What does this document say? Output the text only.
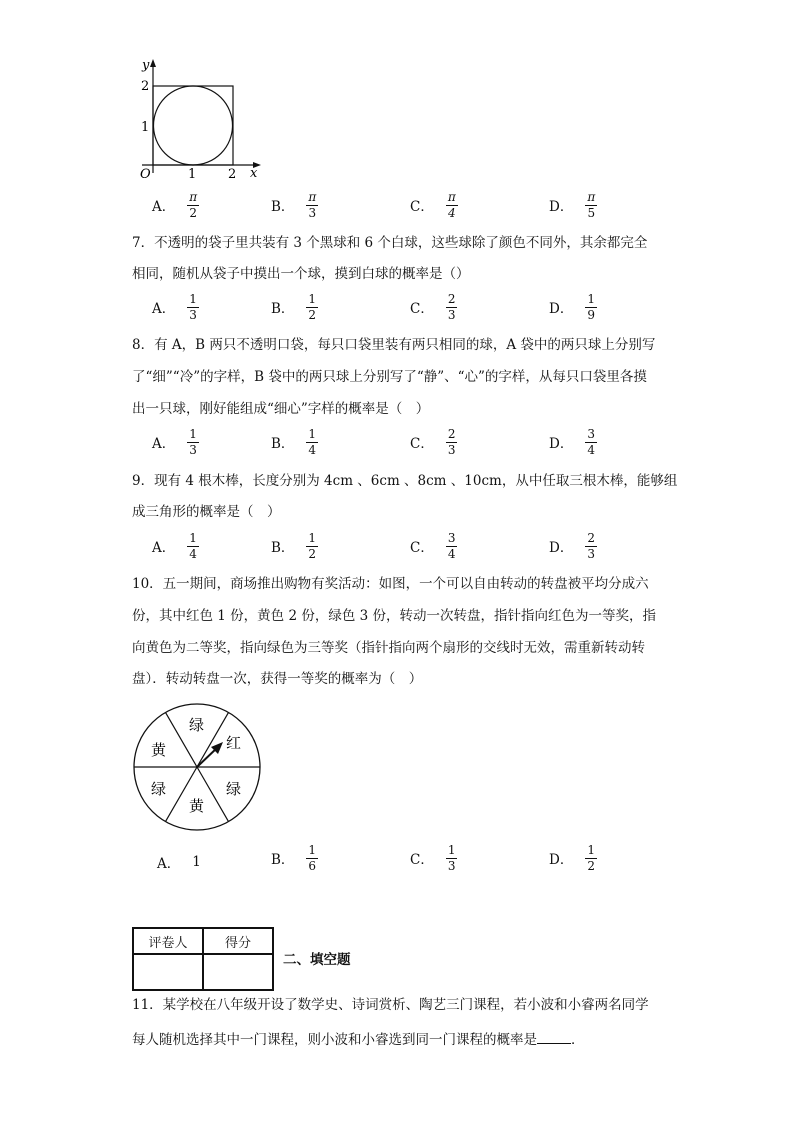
y
x
O
2
1
1 2
A． $\frac{\pi}{2}$	B． $\frac{\pi}{3}$	C． $\frac{\pi}{4}$	D． $\frac{\pi}{5}$
7．不透明的袋子里共装有 3 个黑球和 6 个白球，这些球除了颜色不同外，其余都完全
相同，随机从袋子中摸出一个球，摸到白球的概率是（）
A． $\frac{1}{3}$	B． $\frac{1}{2}$	C． $\frac{2}{3}$	D． $\frac{1}{9}$
8．有 A，B 两只不透明口袋，每只口袋里装有两只相同的球，A 袋中的两只球上分别写
了“细”“冷”的字样，B 袋中的两只球上分别写了“静”、“心”的字样，从每只口袋里各摸
出一只球，刚好能组成“细心”字样的概率是（　）
A． $\frac{1}{3}$	B． $\frac{1}{4}$	C． $\frac{2}{3}$	D． $\frac{3}{4}$
9．现有 4 根木棒，长度分别为 4cm 、6cm 、8cm 、10cm，从中任取三根木棒，能够组
成三角形的概率是（　）
A． $\frac{1}{4}$	B． $\frac{1}{2}$	C． $\frac{3}{4}$	D． $\frac{2}{3}$
10．五一期间，商场推出购物有奖活动：如图，一个可以自由转动的转盘被平均分成六
份，其中红色 1 份，黄色 2 份，绿色 3 份，转动一次转盘，指针指向红色为一等奖，指
向黄色为二等奖，指向绿色为三等奖（指针指向两个扇形的交线时无效，需重新转动转
盘）．转动转盘一次，获得一等奖的概率为（　）
绿
红
绿
黄
绿
黄
A． 1	B． $\frac{1}{6}$	C． $\frac{1}{3}$	D． $\frac{1}{2}$
评卷人	得分

二、填空题
11．某学校在八年级开设了数学史、诗词赏析、陶艺三门课程，若小波和小睿两名同学
每人随机选择其中一门课程，则小波和小睿选到同一门课程的概率是	．
